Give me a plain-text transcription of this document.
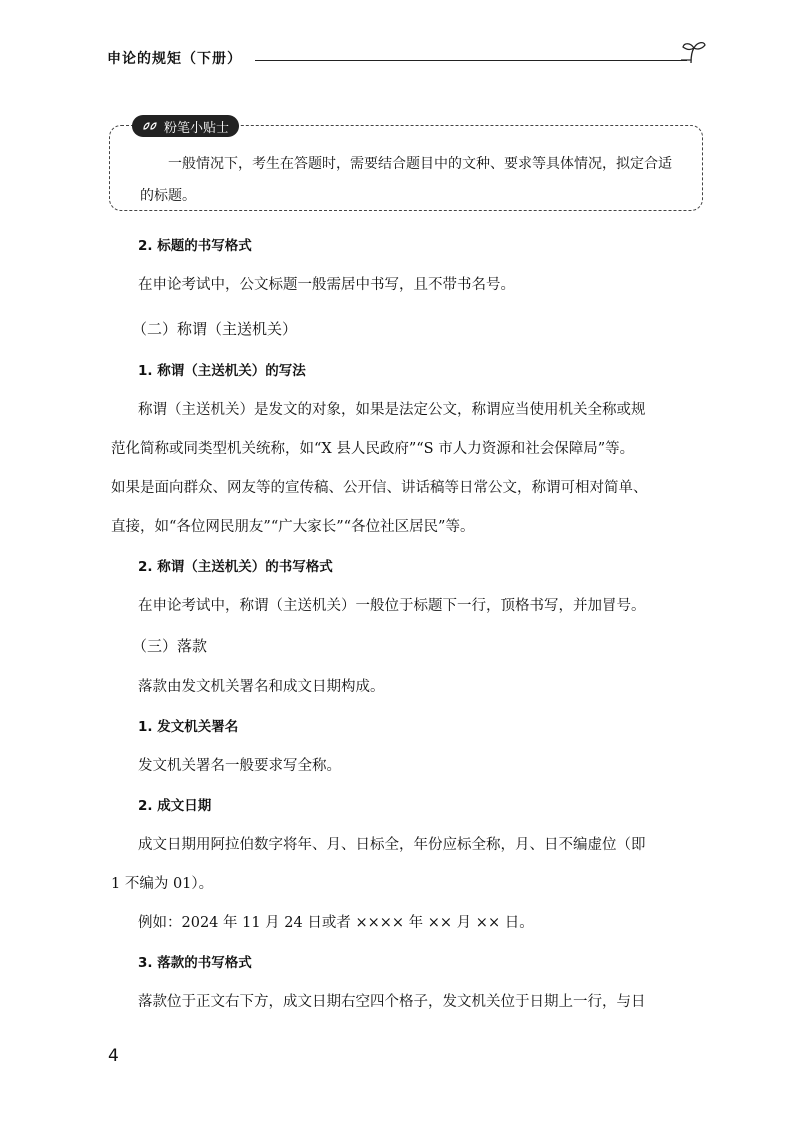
申论的规矩（下册）
粉笔小贴士
一般情况下，考生在答题时，需要结合题目中的文种、要求等具体情况，拟定合适的标题。

2. 标题的书写格式

在申论考试中，公文标题一般需居中书写，且不带书名号。

（二）称谓（主送机关）

1. 称谓（主送机关）的写法

称谓（主送机关）是发文的对象，如果是法定公文，称谓应当使用机关全称或规
范化简称或同类型机关统称，如“X 县人民政府”“S 市人力资源和社会保障局”等。
如果是面向群众、网友等的宣传稿、公开信、讲话稿等日常公文，称谓可相对简单、
直接，如“各位网民朋友”“广大家长”“各位社区居民”等。

2. 称谓（主送机关）的书写格式

在申论考试中，称谓（主送机关）一般位于标题下一行，顶格书写，并加冒号。

（三）落款

落款由发文机关署名和成文日期构成。

1. 发文机关署名

发文机关署名一般要求写全称。

2. 成文日期

成文日期用阿拉伯数字将年、月、日标全，年份应标全称，月、日不编虚位（即
1 不编为 01）。

例如：2024 年 11 月 24 日或者 ×××× 年 ×× 月 ×× 日。

3. 落款的书写格式

落款位于正文右下方，成文日期右空四个格子，发文机关位于日期上一行，与日

4
